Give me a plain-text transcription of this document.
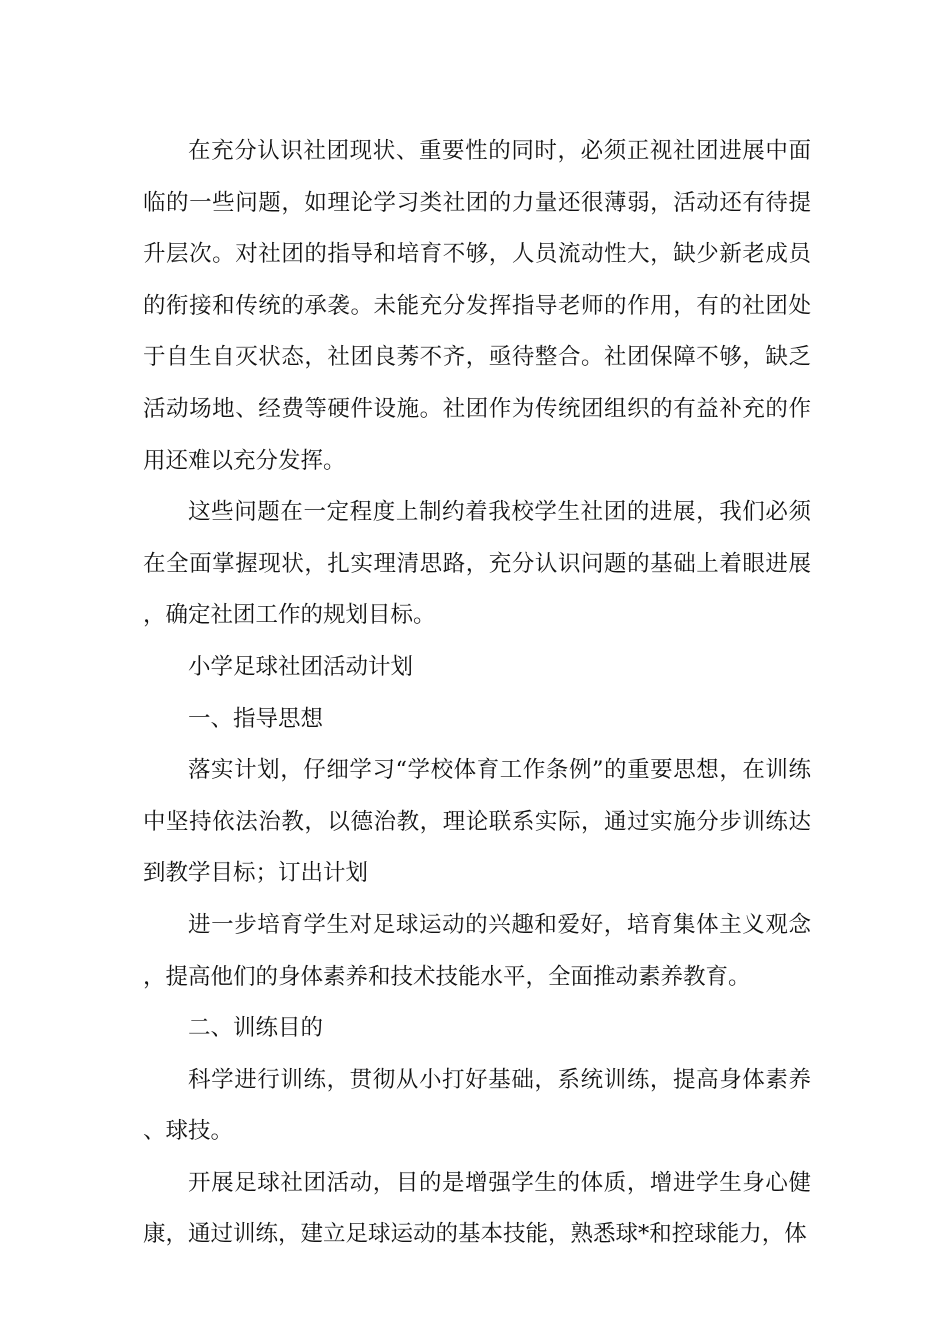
在充分认识社团现状、重要性的同时，必须正视社团进展中面临的一些问题，如理论学习类社团的力量还很薄弱，活动还有待提升层次。对社团的指导和培育不够，人员流动性大，缺少新老成员的衔接和传统的承袭。未能充分发挥指导老师的作用，有的社团处于自生自灭状态，社团良莠不齐，亟待整合。社团保障不够，缺乏活动场地、经费等硬件设施。社团作为传统团组织的有益补充的作用还难以充分发挥。

这些问题在一定程度上制约着我校学生社团的进展，我们必须在全面掌握现状，扎实理清思路，充分认识问题的基础上着眼进展，确定社团工作的规划目标。

小学足球社团活动计划

一、指导思想

落实计划，仔细学习“学校体育工作条例”的重要思想，在训练中坚持依法治教，以德治教，理论联系实际，通过实施分步训练达到教学目标；订出计划

进一步培育学生对足球运动的兴趣和爱好，培育集体主义观念，提高他们的身体素养和技术技能水平，全面推动素养教育。

二、训练目的

科学进行训练，贯彻从小打好基础，系统训练，提高身体素养、球技。

开展足球社团活动，目的是增强学生的体质，增进学生身心健康，通过训练，建立足球运动的基本技能，熟悉球*和控球能力，体
